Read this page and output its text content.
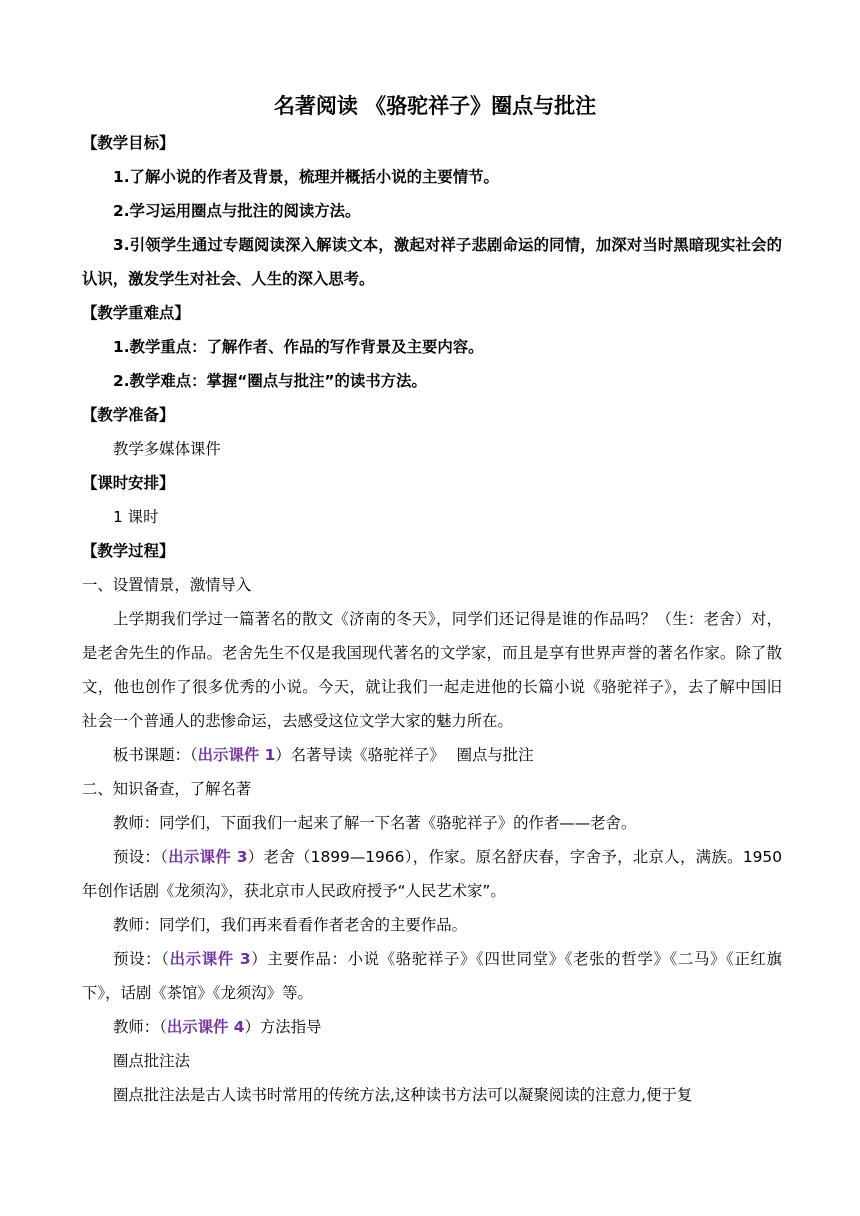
名著阅读 《骆驼祥子》圈点与批注
【教学目标】
1.了解小说的作者及背景，梳理并概括小说的主要情节。
2.学习运用圈点与批注的阅读方法。
3.引领学生通过专题阅读深入解读文本，激起对祥子悲剧命运的同情，加深对当时黑暗现实社会的认识，激发学生对社会、人生的深入思考。
【教学重难点】
1.教学重点：了解作者、作品的写作背景及主要内容。
2.教学难点：掌握“圈点与批注”的读书方法。
【教学准备】
教学多媒体课件
【课时安排】
1 课时
【教学过程】
一、设置情景，激情导入
上学期我们学过一篇著名的散文《济南的冬天》，同学们还记得是谁的作品吗？（生：老舍）对，是老舍先生的作品。老舍先生不仅是我国现代著名的文学家，而且是享有世界声誉的著名作家。除了散文，他也创作了很多优秀的小说。今天，就让我们一起走进他的长篇小说《骆驼祥子》，去了解中国旧社会一个普通人的悲惨命运，去感受这位文学大家的魅力所在。
板书课题：（出示课件 1）名著导读《骆驼祥子》 圈点与批注
二、知识备查，了解名著
教师：同学们，下面我们一起来了解一下名著《骆驼祥子》的作者——老舍。
预设：（出示课件 3）老舍（1899—1966），作家。原名舒庆春，字舍予，北京人，满族。1950 年创作话剧《龙须沟》，获北京市人民政府授予“人民艺术家”。
教师：同学们，我们再来看看作者老舍的主要作品。
预设：（出示课件 3）主要作品：小说《骆驼祥子》《四世同堂》《老张的哲学》《二马》《正红旗下》，话剧《茶馆》《龙须沟》等。
教师：（出示课件 4）方法指导
圈点批注法
圈点批注法是古人读书时常用的传统方法,这种读书方法可以凝聚阅读的注意力,便于复
